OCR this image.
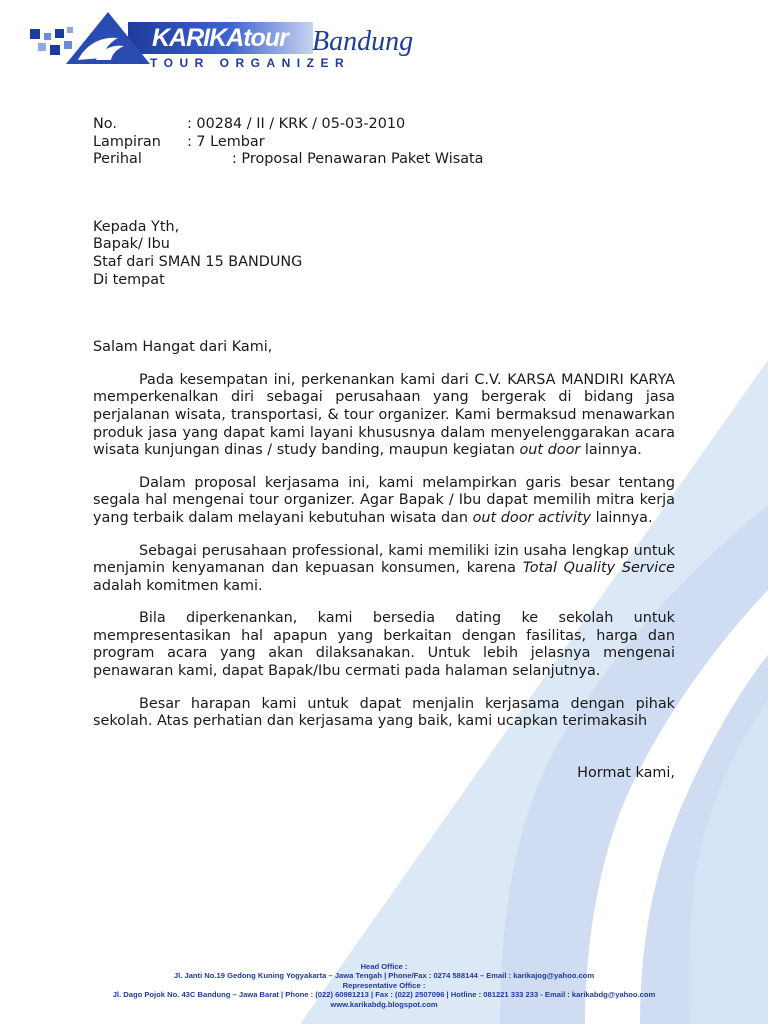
KARIKAtour Bandung
TOUR ORGANIZER
No.	: 00284 / II / KRK / 05-03-2010
Lampiran	: 7 Lembar
Perihal	: Proposal Penawaran Paket Wisata
Kepada Yth,
Bapak/ Ibu
Staf dari SMAN 15 BANDUNG
Di tempat
Salam Hangat dari Kami,

Pada kesempatan ini, perkenankan kami dari C.V. KARSA MANDIRI KARYA memperkenalkan diri sebagai perusahaan yang bergerak di bidang jasa perjalanan wisata, transportasi, & tour organizer. Kami bermaksud menawarkan produk jasa yang dapat kami layani khususnya dalam menyelenggarakan acara wisata kunjungan dinas / study banding, maupun kegiatan out door lainnya.

Dalam proposal kerjasama ini, kami melampirkan garis besar tentang segala hal mengenai tour organizer. Agar Bapak / Ibu dapat memilih mitra kerja yang terbaik dalam melayani kebutuhan wisata dan out door activity lainnya.

Sebagai perusahaan professional, kami memiliki izin usaha lengkap untuk menjamin kenyamanan dan kepuasan konsumen, karena Total Quality Service adalah komitmen kami.

Bila diperkenankan, kami bersedia dating ke sekolah untuk mempresentasikan hal apapun yang berkaitan dengan fasilitas, harga dan program acara yang akan dilaksanakan. Untuk lebih jelasnya mengenai penawaran kami, dapat Bapak/Ibu cermati pada halaman selanjutnya.

Besar harapan kami untuk dapat menjalin kerjasama dengan pihak sekolah. Atas perhatian dan kerjasama yang baik, kami ucapkan terimakasih

Hormat kami,
Head Office :
Jl. Janti No.19 Gedong Kuning Yogyakarta – Jawa Tengah | Phone/Fax : 0274 588144 – Email : karikajog@yahoo.com
Representative Office :
Jl. Dago Pojok No. 43C Bandung – Jawa Barat | Phone : (022) 60981213 | Fax : (022) 2507096 | Hotline : 081221 333 233 - Email : karikabdg@yahoo.com
www.karikabdg.blogspot.com
